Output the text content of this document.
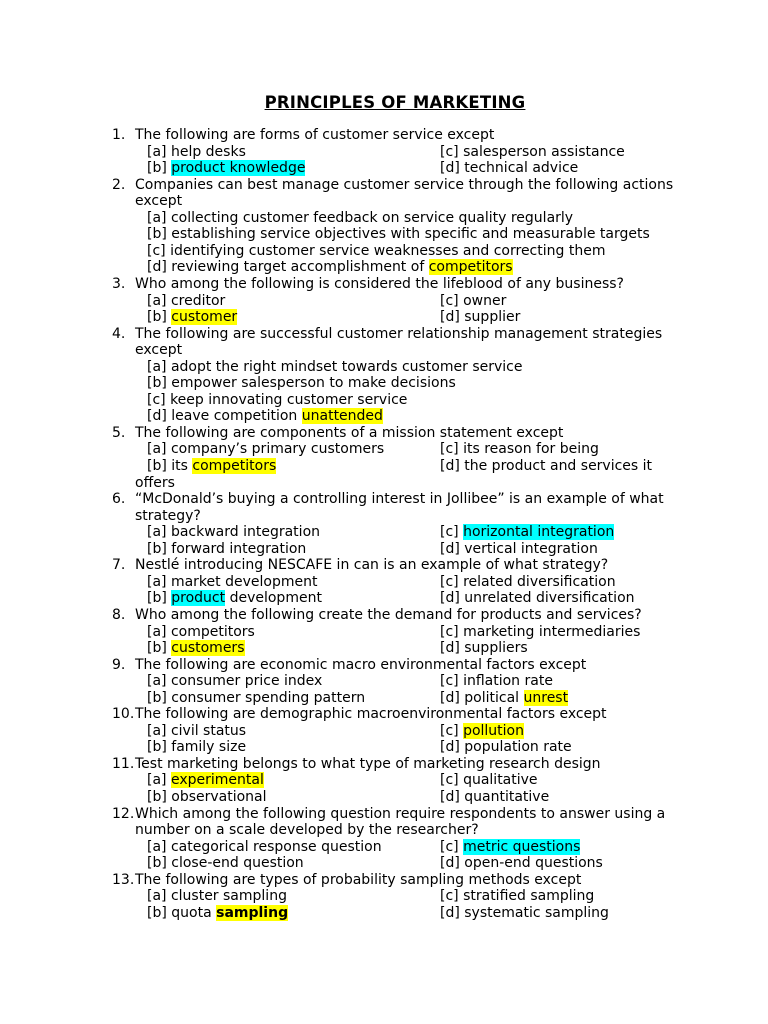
PRINCIPLES OF MARKETING
1. The following are forms of customer service except
[a] help desks	[c] salesperson assistance
[b] product knowledge	[d] technical advice
2. Companies can best manage customer service through the following actions
except
[a] collecting customer feedback on service quality regularly
[b] establishing service objectives with specific and measurable targets
[c] identifying customer service weaknesses and correcting them
[d] reviewing target accomplishment of competitors
3. Who among the following is considered the lifeblood of any business?
[a] creditor	[c] owner
[b] customer	[d] supplier
4. The following are successful customer relationship management strategies
except
[a] adopt the right mindset towards customer service
[b] empower salesperson to make decisions
[c] keep innovating customer service
[d] leave competition unattended
5. The following are components of a mission statement except
[a] company’s primary customers	[c] its reason for being
[b] its competitors	[d] the product and services it
offers
6. “McDonald’s buying a controlling interest in Jollibee” is an example of what
strategy?
[a] backward integration	[c] horizontal integration
[b] forward integration	[d] vertical integration
7. Nestlé introducing NESCAFE in can is an example of what strategy?
[a] market development	[c] related diversification
[b] product development	[d] unrelated diversification
8. Who among the following create the demand for products and services?
[a] competitors	[c] marketing intermediaries
[b] customers	[d] suppliers
9. The following are economic macro environmental factors except
[a] consumer price index	[c] inflation rate
[b] consumer spending pattern	[d] political unrest
10. The following are demographic macroenvironmental factors except
[a] civil status	[c] pollution
[b] family size	[d] population rate
11. Test marketing belongs to what type of marketing research design
[a] experimental	[c] qualitative
[b] observational	[d] quantitative
12. Which among the following question require respondents to answer using a
number on a scale developed by the researcher?
[a] categorical response question	[c] metric questions
[b] close-end question	[d] open-end questions
13. The following are types of probability sampling methods except
[a] cluster sampling	[c] stratified sampling
[b] quota sampling	[d] systematic sampling
